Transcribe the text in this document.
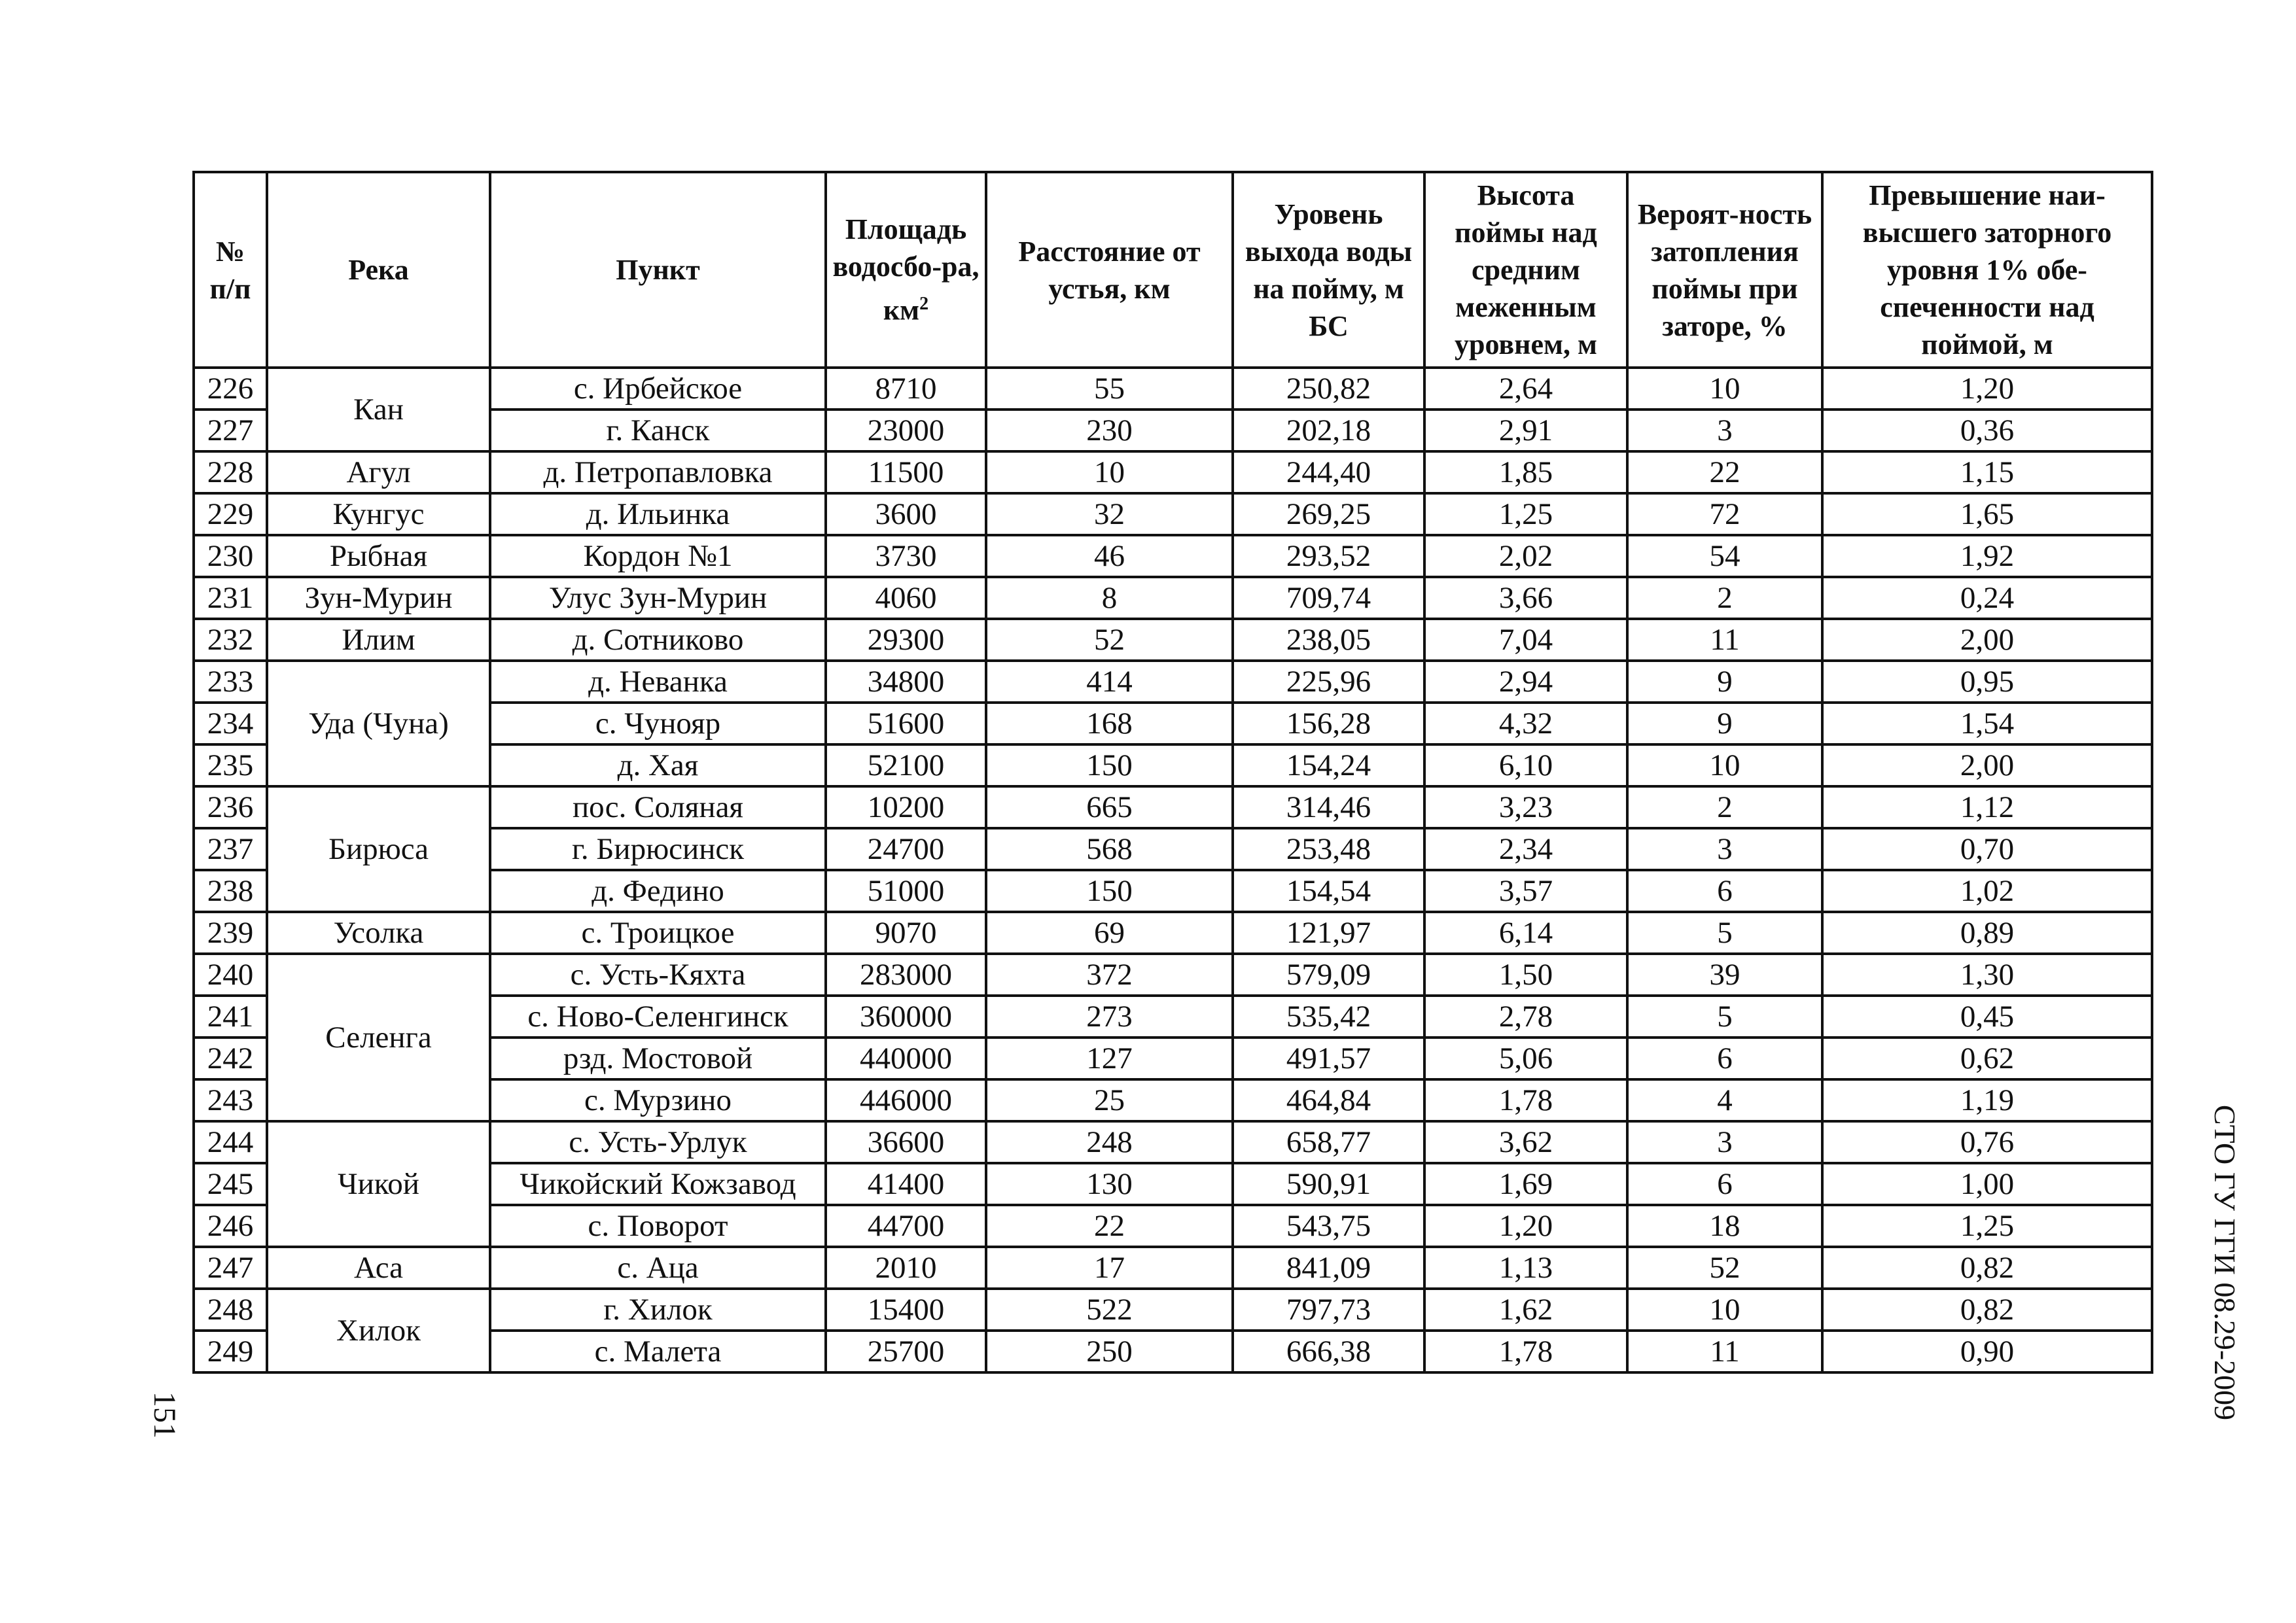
№ п/п	Река	Пункт	Площадь водосбо-ра, $км^2$	Расстояние от устья, км	Уровень выхода воды на пойму, м БС	Высота поймы над средним меженным уровнем, м	Вероят-ность затопления поймы при заторе, %	Превышение наи-высшего заторного уровня 1% обе-спеченности над поймой, м
226	Кан	с. Ирбейское	8710	55	250,82	2,64	10	1,20
227		г. Канск	23000	230	202,18	2,91	3	0,36
228	Агул	д. Петропавловка	11500	10	244,40	1,85	22	1,15
229	Кунгус	д. Ильинка	3600	32	269,25	1,25	72	1,65
230	Рыбная	Кордон №1	3730	46	293,52	2,02	54	1,92
231	Зун-Мурин	Улус Зун-Мурин	4060	8	709,74	3,66	2	0,24
232	Илим	д. Сотниково	29300	52	238,05	7,04	11	2,00
233	Уда (Чуна)	д. Неванка	34800	414	225,96	2,94	9	0,95
234		с. Чунояр	51600	168	156,28	4,32	9	1,54
235		д. Хая	52100	150	154,24	6,10	10	2,00
236	Бирюса	пос. Соляная	10200	665	314,46	3,23	2	1,12
237		г. Бирюсинск	24700	568	253,48	2,34	3	0,70
238		д. Федино	51000	150	154,54	3,57	6	1,02
239	Усолка	с. Троицкое	9070	69	121,97	6,14	5	0,89
240	Селенга	с. Усть-Кяхта	283000	372	579,09	1,50	39	1,30
241		с. Ново-Селенгинск	360000	273	535,42	2,78	5	0,45
242		рзд. Мостовой	440000	127	491,57	5,06	6	0,62
243		с. Мурзино	446000	25	464,84	1,78	4	1,19
244	Чикой	с. Усть-Урлук	36600	248	658,77	3,62	3	0,76
245		Чикойский Кожзавод	41400	130	590,91	1,69	6	1,00
246		с. Поворот	44700	22	543,75	1,20	18	1,25
247	Аса	с. Аца	2010	17	841,09	1,13	52	0,82
248	Хилок	г. Хилок	15400	522	797,73	1,62	10	0,82
249		с. Малета	25700	250	666,38	1,78	11	0,90
151	СТО ГУ ГГИ 08.29-2009
